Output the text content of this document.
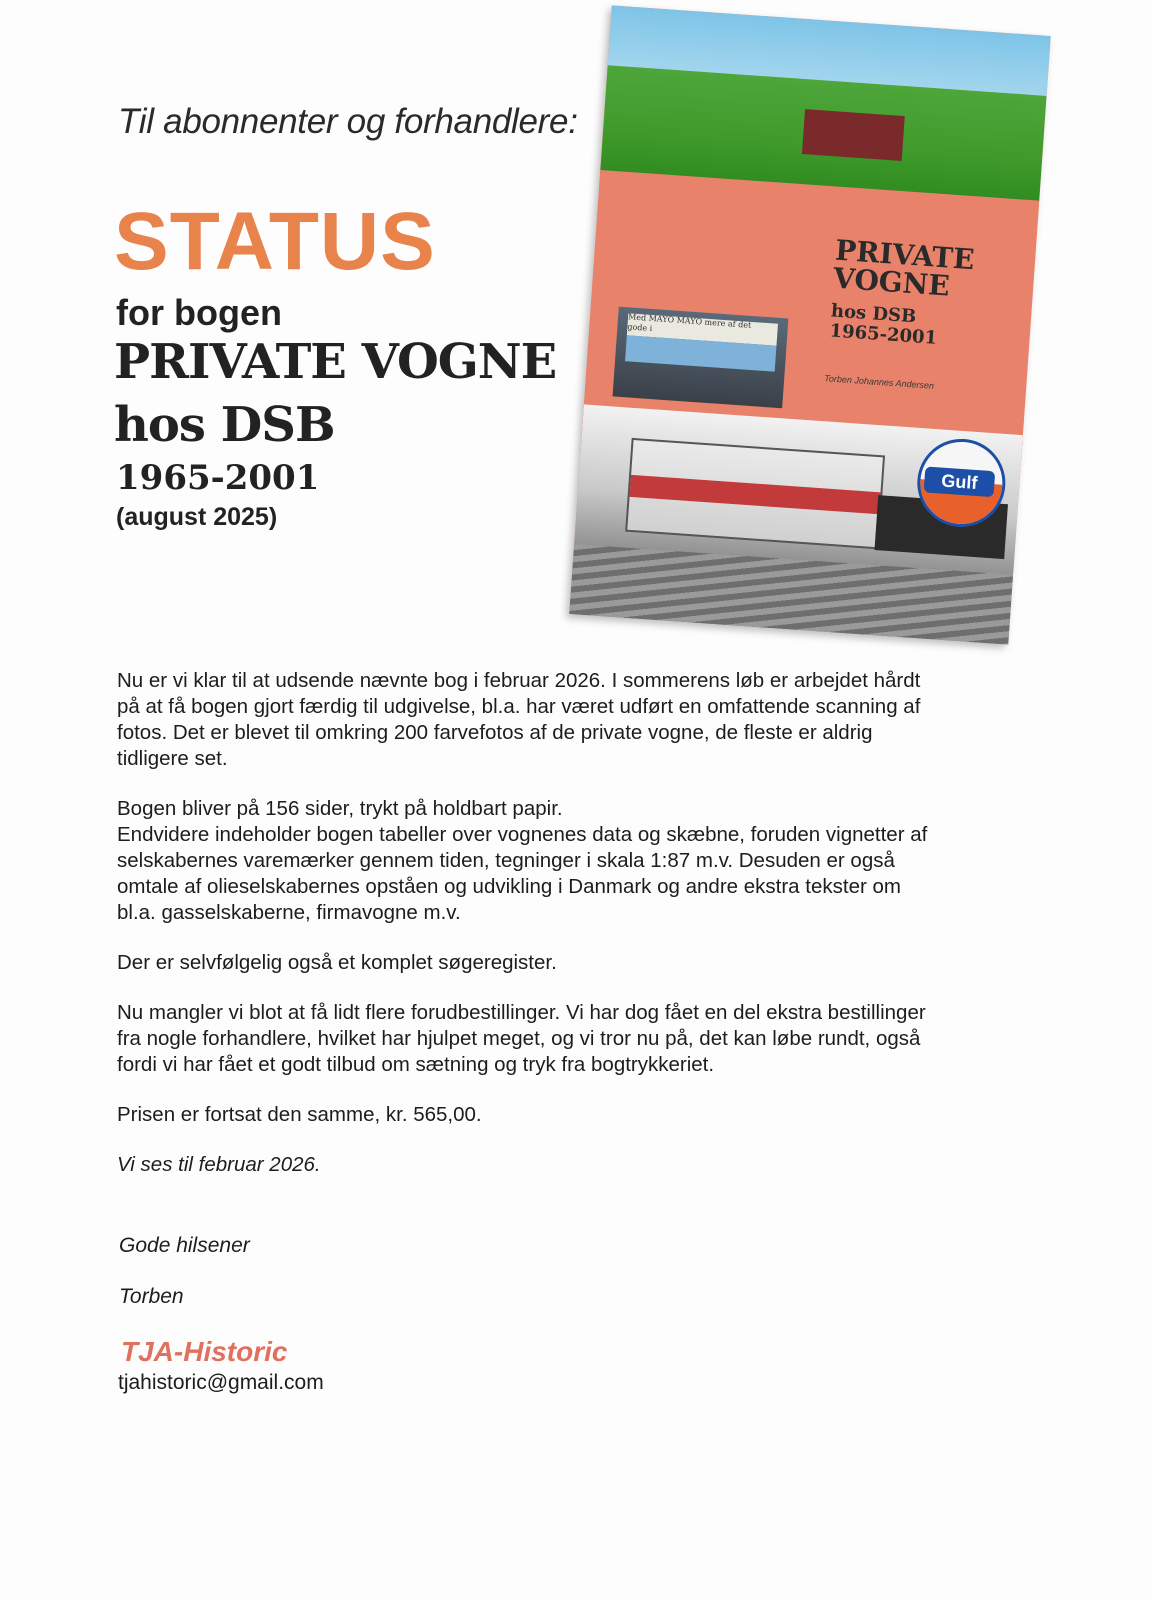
Til abonnenter og forhandlere:
STATUS
for bogen
PRIVATE VOGNE
hos DSB
1965-2001
(august 2025)
Med MAYO MAYO mere af det gode i
PRIVATE VOGNE
hos DSB
1965-2001
Torben Johannes Andersen
Gulf

Nu er vi klar til at udsende nævnte bog i februar 2026. I sommerens løb er arbejdet hårdt
på at få bogen gjort færdig til udgivelse, bl.a. har været udført en omfattende scanning af
fotos. Det er blevet til omkring 200 farvefotos af de private vogne, de fleste er aldrig
tidligere set.

Bogen bliver på 156 sider, trykt på holdbart papir.
Endvidere indeholder bogen tabeller over vognenes data og skæbne, foruden vignetter af
selskabernes varemærker gennem tiden, tegninger i skala 1:87 m.v. Desuden er også
omtale af olieselskabernes opståen og udvikling i Danmark og andre ekstra tekster om
bl.a. gasselskaberne, firmavogne m.v.

Der er selvfølgelig også et komplet søgeregister.

Nu mangler vi blot at få lidt flere forudbestillinger. Vi har dog fået en del ekstra bestillinger
fra nogle forhandlere, hvilket har hjulpet meget, og vi tror nu på, det kan løbe rundt, også
fordi vi har fået et godt tilbud om sætning og tryk fra bogtrykkeriet.

Prisen er fortsat den samme, kr. 565,00.

Vi ses til februar 2026.

Gode hilsener
Torben
TJA-Historic
tjahistoric@gmail.com
